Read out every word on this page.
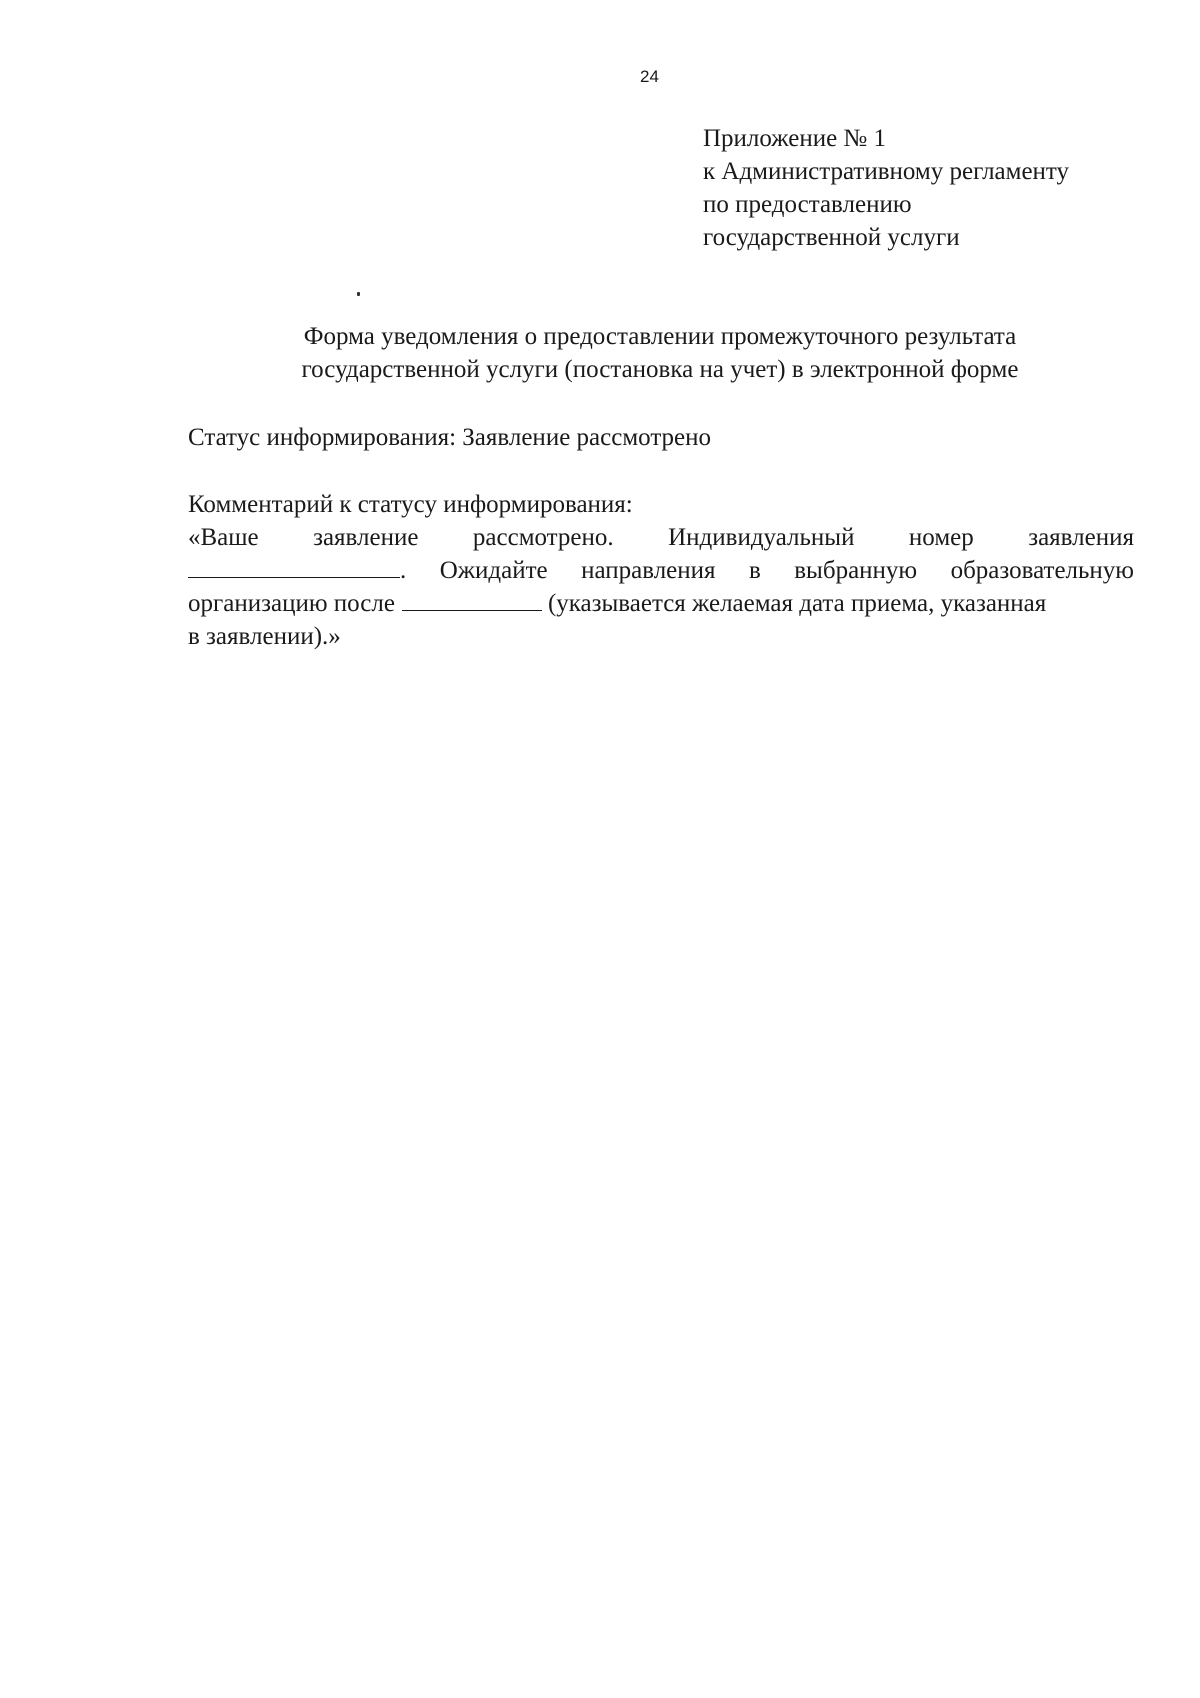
24
Приложение № 1
к Административному регламенту
по предоставлению
государственной услуги
Форма уведомления о предоставлении промежуточного результата
государственной услуги (постановка на учет) в электронной форме
Статус информирования: Заявление рассмотрено
Комментарий к статусу информирования:
«Ваше заявление рассмотрено. Индивидуальный номер заявления
. Ожидайте направления в выбранную образовательную
организацию после	(указывается желаемая дата приема, указанная
в заявлении).»
